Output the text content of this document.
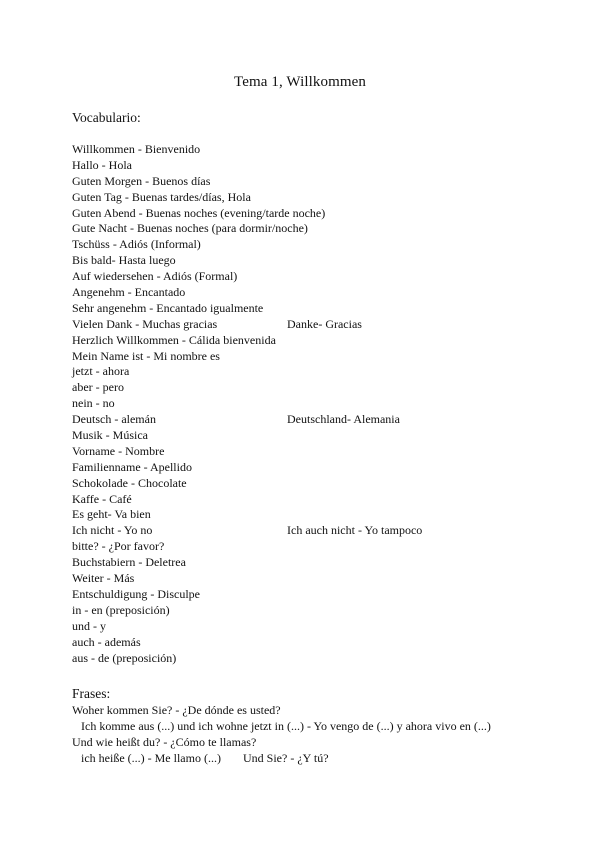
Tema 1, Willkommen
Vocabulario:
Willkommen - Bienvenido
Hallo - Hola
Guten Morgen - Buenos días
Guten Tag - Buenas tardes/días, Hola
Guten Abend - Buenas noches (evening/tarde noche)
Gute Nacht - Buenas noches (para dormir/noche)
Tschüss - Adiós (Informal)
Bis bald- Hasta luego
Auf wiedersehen - Adiós (Formal)
Angenehm - Encantado
Sehr angenehm - Encantado igualmente
Vielen Dank - Muchas gracias	Danke- Gracias
Herzlich Willkommen - Cálida bienvenida
Mein Name ist - Mi nombre es
jetzt - ahora
aber - pero
nein - no
Deutsch - alemán	Deutschland- Alemania
Musik - Música
Vorname - Nombre
Familienname - Apellido
Schokolade - Chocolate
Kaffe - Café
Es geht- Va bien
Ich nicht - Yo no	Ich auch nicht - Yo tampoco
bitte? - ¿Por favor?
Buchstabiern - Deletrea
Weiter - Más
Entschuldigung - Disculpe
in - en (preposición)
und - y
auch - además
aus - de (preposición)
Frases:
Woher kommen Sie? - ¿De dónde es usted?
Ich komme aus (...) und ich wohne jetzt in (...) - Yo vengo de (...) y ahora vivo en (...)
Und wie heißt du? - ¿Cómo te llamas?
ich heiße (...) - Me llamo (...) Und Sie? - ¿Y tú?
